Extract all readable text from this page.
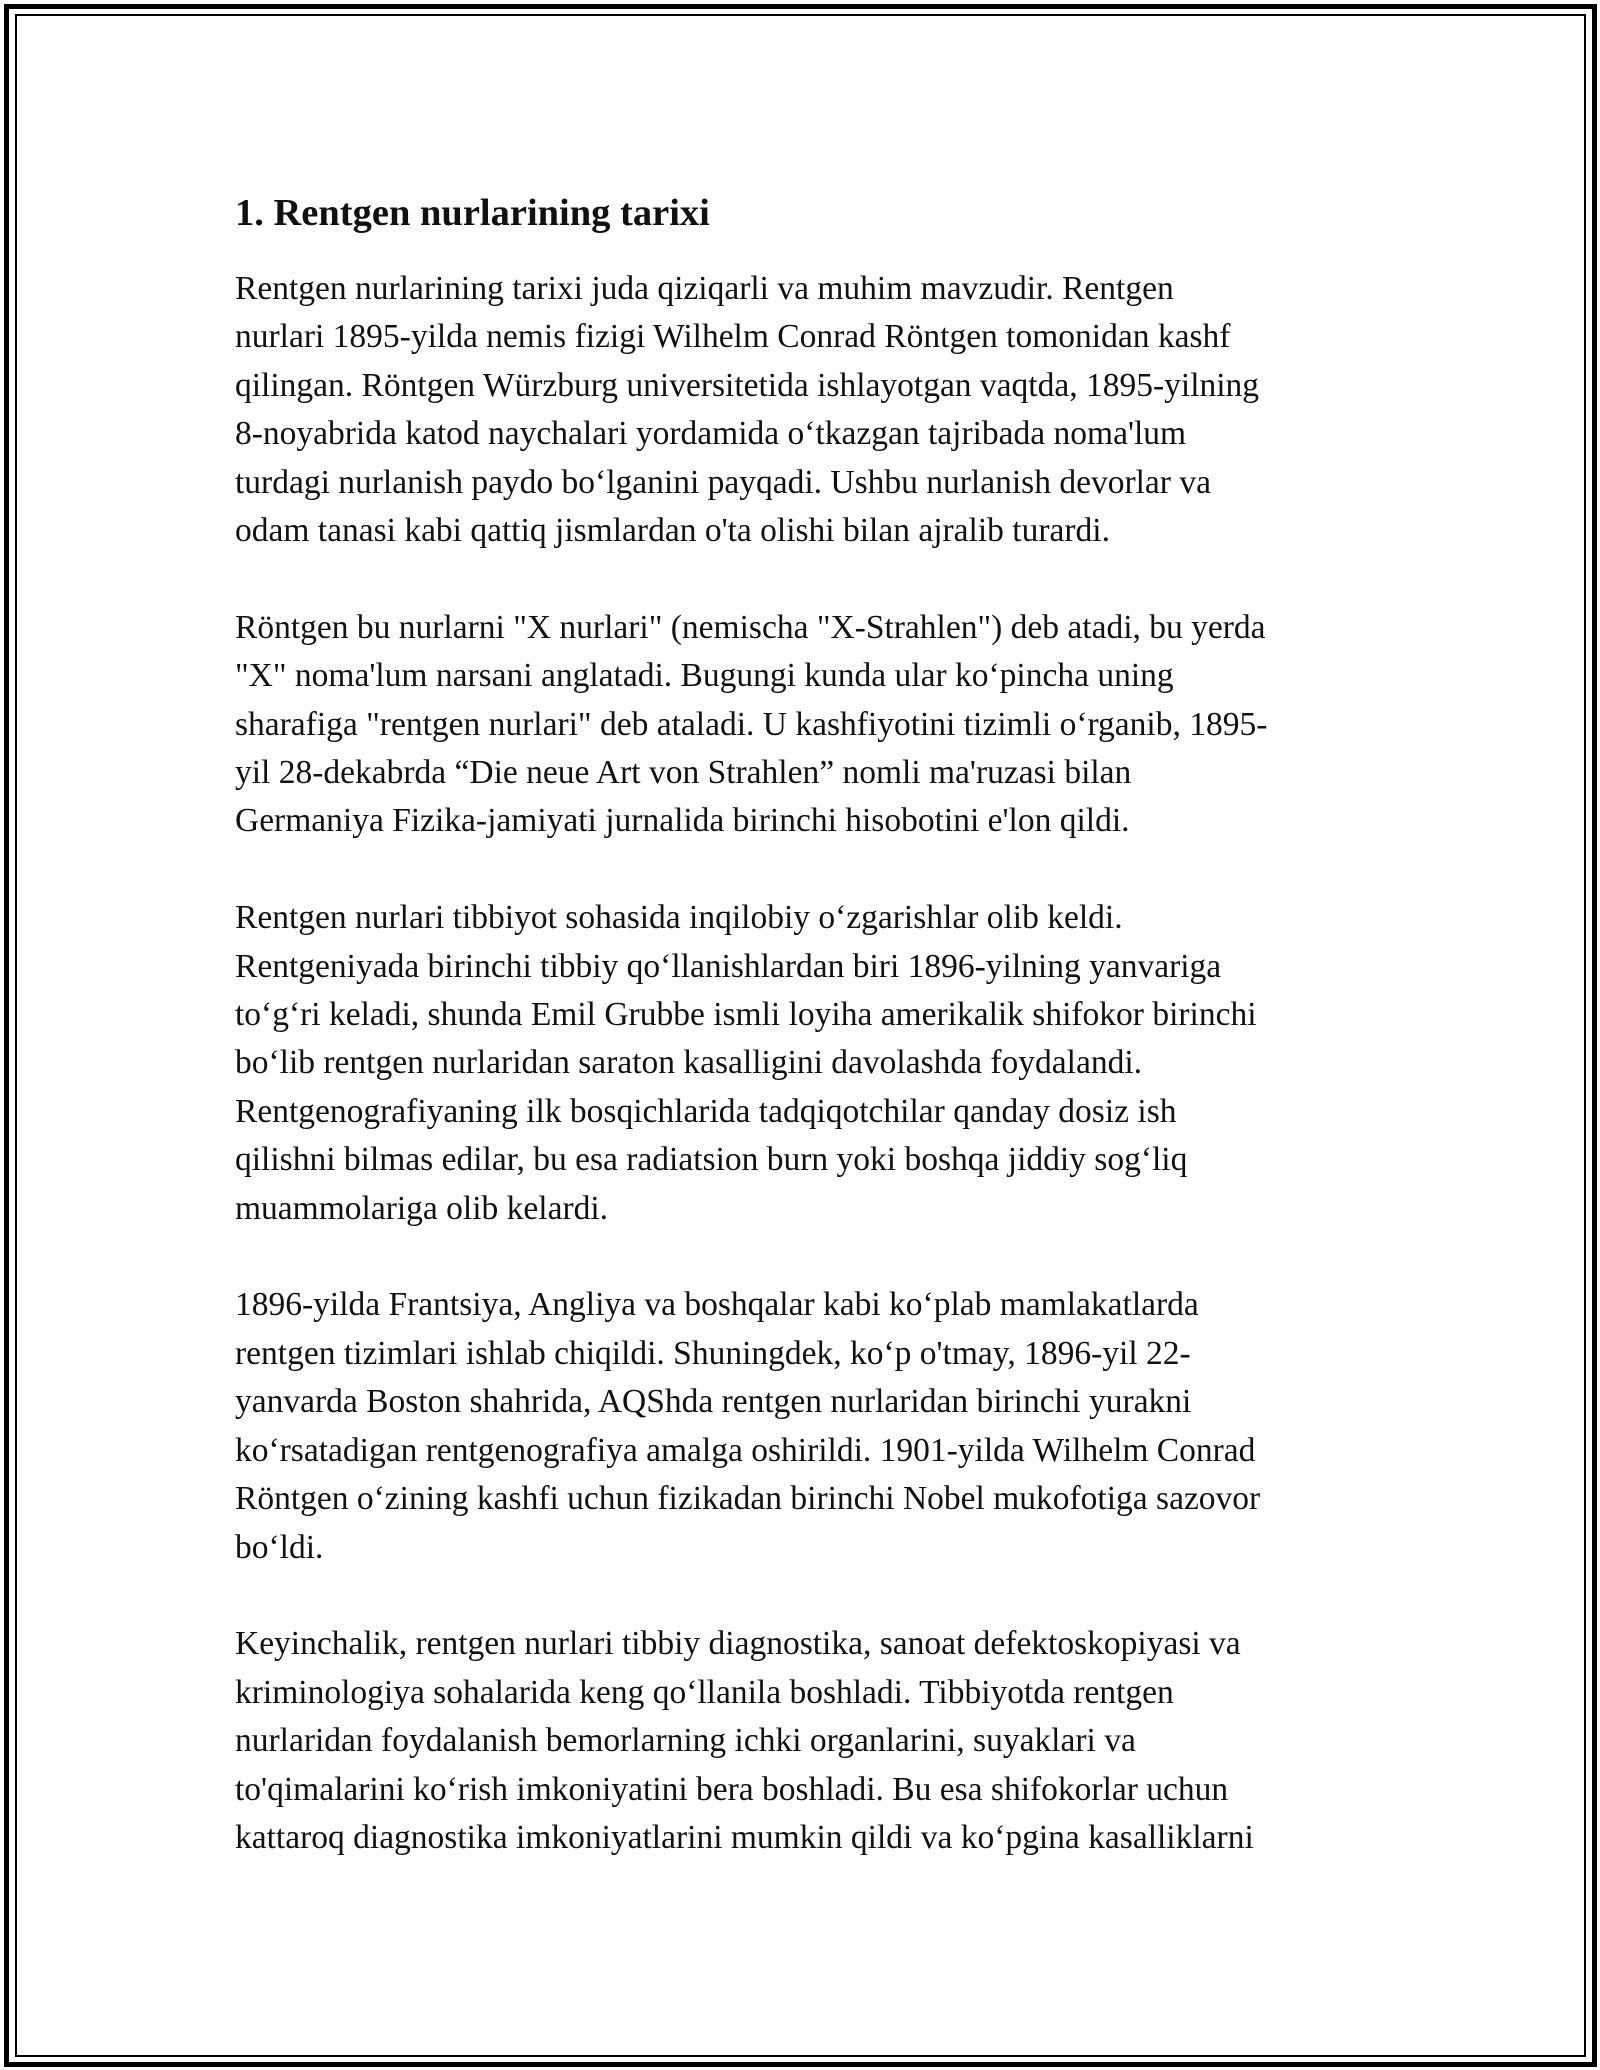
1. Rentgen nurlarining tarixi

Rentgen nurlarining tarixi juda qiziqarli va muhim mavzudir. Rentgen
nurlari 1895-yilda nemis fizigi Wilhelm Conrad Röntgen tomonidan kashf
qilingan. Röntgen Würzburg universitetida ishlayotgan vaqtda, 1895-yilning
8-noyabrida katod naychalari yordamida oʻtkazgan tajribada noma'lum
turdagi nurlanish paydo boʻlganini payqadi. Ushbu nurlanish devorlar va
odam tanasi kabi qattiq jismlardan o'ta olishi bilan ajralib turardi.

Röntgen bu nurlarni "X nurlari" (nemischa "X-Strahlen") deb atadi, bu yerda
"X" noma'lum narsani anglatadi. Bugungi kunda ular koʻpincha uning
sharafiga "rentgen nurlari" deb ataladi. U kashfiyotini tizimli oʻrganib, 1895-
yil 28-dekabrda “Die neue Art von Strahlen” nomli ma'ruzasi bilan
Germaniya Fizika-jamiyati jurnalida birinchi hisobotini e'lon qildi.

Rentgen nurlari tibbiyot sohasida inqilobiy oʻzgarishlar olib keldi.
Rentgeniyada birinchi tibbiy qoʻllanishlardan biri 1896-yilning yanvariga
toʻgʻri keladi, shunda Emil Grubbe ismli loyiha amerikalik shifokor birinchi
boʻlib rentgen nurlaridan saraton kasalligini davolashda foydalandi.
Rentgenografiyaning ilk bosqichlarida tadqiqotchilar qanday dosiz ish
qilishni bilmas edilar, bu esa radiatsion burn yoki boshqa jiddiy sogʻliq
muammolariga olib kelardi.

1896-yilda Frantsiya, Angliya va boshqalar kabi koʻplab mamlakatlarda
rentgen tizimlari ishlab chiqildi. Shuningdek, koʻp o'tmay, 1896-yil 22-
yanvarda Boston shahrida, AQShda rentgen nurlaridan birinchi yurakni
koʻrsatadigan rentgenografiya amalga oshirildi. 1901-yilda Wilhelm Conrad
Röntgen oʻzining kashfi uchun fizikadan birinchi Nobel mukofotiga sazovor
boʻldi.

Keyinchalik, rentgen nurlari tibbiy diagnostika, sanoat defektoskopiyasi va
kriminologiya sohalarida keng qoʻllanila boshladi. Tibbiyotda rentgen
nurlaridan foydalanish bemorlarning ichki organlarini, suyaklari va
to'qimalarini koʻrish imkoniyatini bera boshladi. Bu esa shifokorlar uchun
kattaroq diagnostika imkoniyatlarini mumkin qildi va koʻpgina kasalliklarni
